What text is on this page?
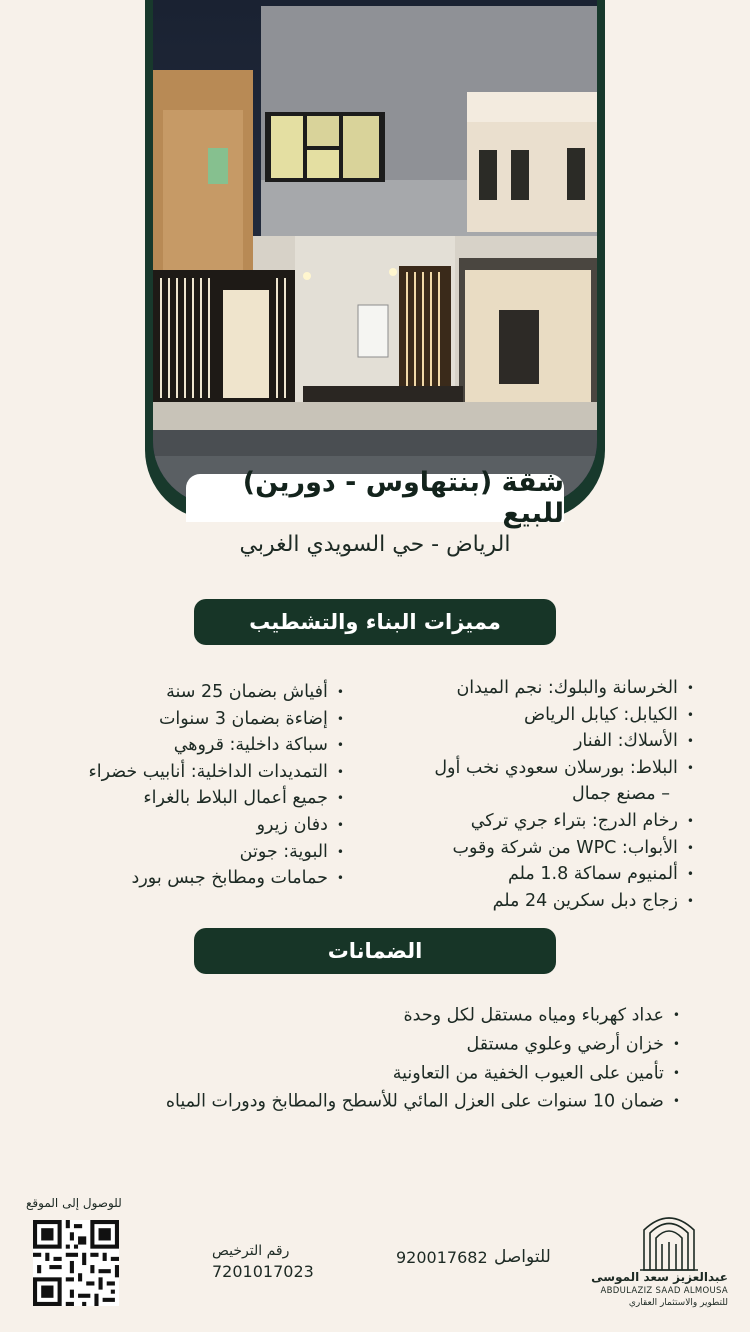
شقة (بنتهاوس - دورين) للبيع
الرياض - حي السويدي الغربي
مميزات البناء والتشطيب
• الخرسانة والبلوك: نجم الميدان
• الكيابل: كيابل الرياض
• الأسلاك: الفنار
• البلاط: بورسلان سعودي نخب أول
– مصنع جمال
• رخام الدرج: بتراء جري تركي
• الأبواب: WPC من شركة وقوب
• ألمنيوم سماكة 1.8 ملم
• زجاج دبل سكرين 24 ملم
• أفياش بضمان 25 سنة
• إضاءة بضمان 3 سنوات
• سباكة داخلية: قروهي
• التمديدات الداخلية: أنابيب خضراء
• جميع أعمال البلاط بالغراء
• دفان زيرو
• البوية: جوتن
• حمامات ومطابخ جبس بورد
الضمانات
• عداد كهرباء ومياه مستقل لكل وحدة
• خزان أرضي وعلوي مستقل
• تأمين على العيوب الخفية من التعاونية
• ضمان 10 سنوات على العزل المائي للأسطح والمطابخ ودورات المياه
للوصول إلى الموقع
رقم الترخيص
7201017023
920017682 للتواصل
عبدالعزيز سعد الموسى
ABDULAZIZ SAAD ALMOUSA
للتطوير والاستثمار العقاري
